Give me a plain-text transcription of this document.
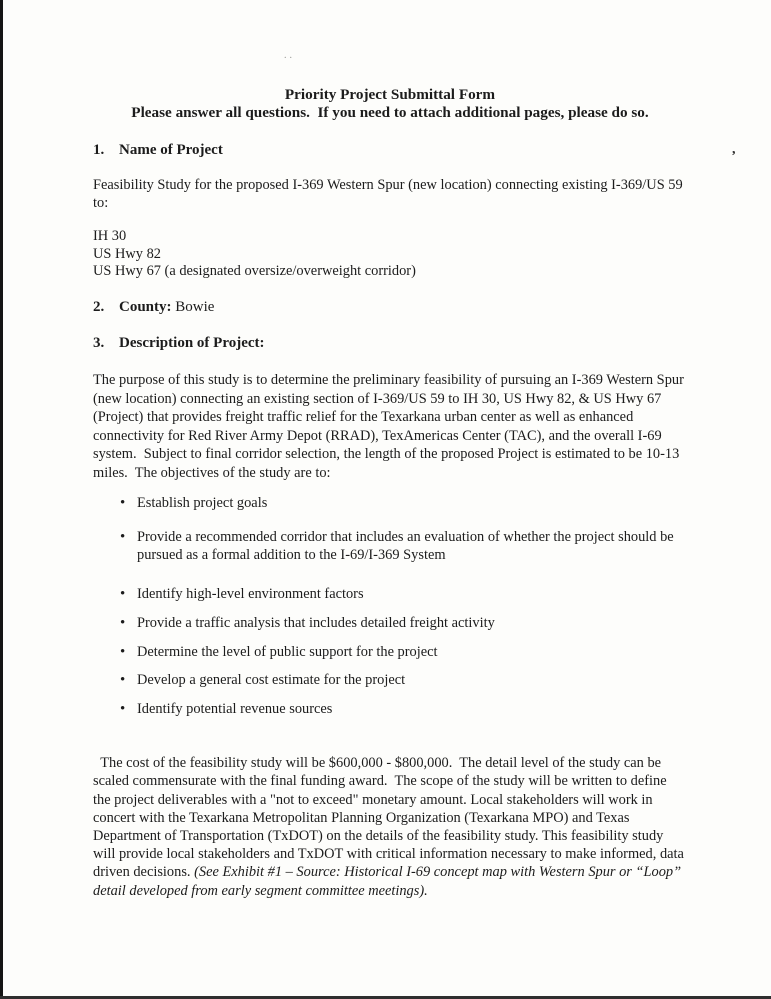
..
,
Priority Project Submittal Form
Please answer all questions.  If you need to attach additional pages, please do so.
1. Name of Project

Feasibility Study for the proposed I-369 Western Spur (new location) connecting existing I-369/US 59 to:

IH 30
US Hwy 82
US Hwy 67 (a designated oversize/overweight corridor)
2. County: Bowie
3. Description of Project:

The purpose of this study is to determine the preliminary feasibility of pursuing an I-369 Western Spur (new location) connecting an existing section of I-369/US 59 to IH 30, US Hwy 82, & US Hwy 67 (Project) that provides freight traffic relief for the Texarkana urban center as well as enhanced connectivity for Red River Army Depot (RRAD), TexAmericas Center (TAC), and the overall I-69 system.  Subject to final corridor selection, the length of the proposed Project is estimated to be 10-13 miles.  The objectives of the study are to:

• Establish project goals
• Provide a recommended corridor that includes an evaluation of whether the project should be pursued as a formal addition to the I-69/I-369 System
• Identify high-level environment factors
• Provide a traffic analysis that includes detailed freight activity
• Determine the level of public support for the project
• Develop a general cost estimate for the project
• Identify potential revenue sources

The cost of the feasibility study will be $600,000 - $800,000.  The detail level of the study can be scaled commensurate with the final funding award.  The scope of the study will be written to define the project deliverables with a "not to exceed" monetary amount. Local stakeholders will work in concert with the Texarkana Metropolitan Planning Organization (Texarkana MPO) and Texas Department of Transportation (TxDOT) on the details of the feasibility study. This feasibility study will provide local stakeholders and TxDOT with critical information necessary to make informed, data driven decisions. (See Exhibit #1 – Source: Historical I-69 concept map with Western Spur or “Loop” detail developed from early segment committee meetings).
